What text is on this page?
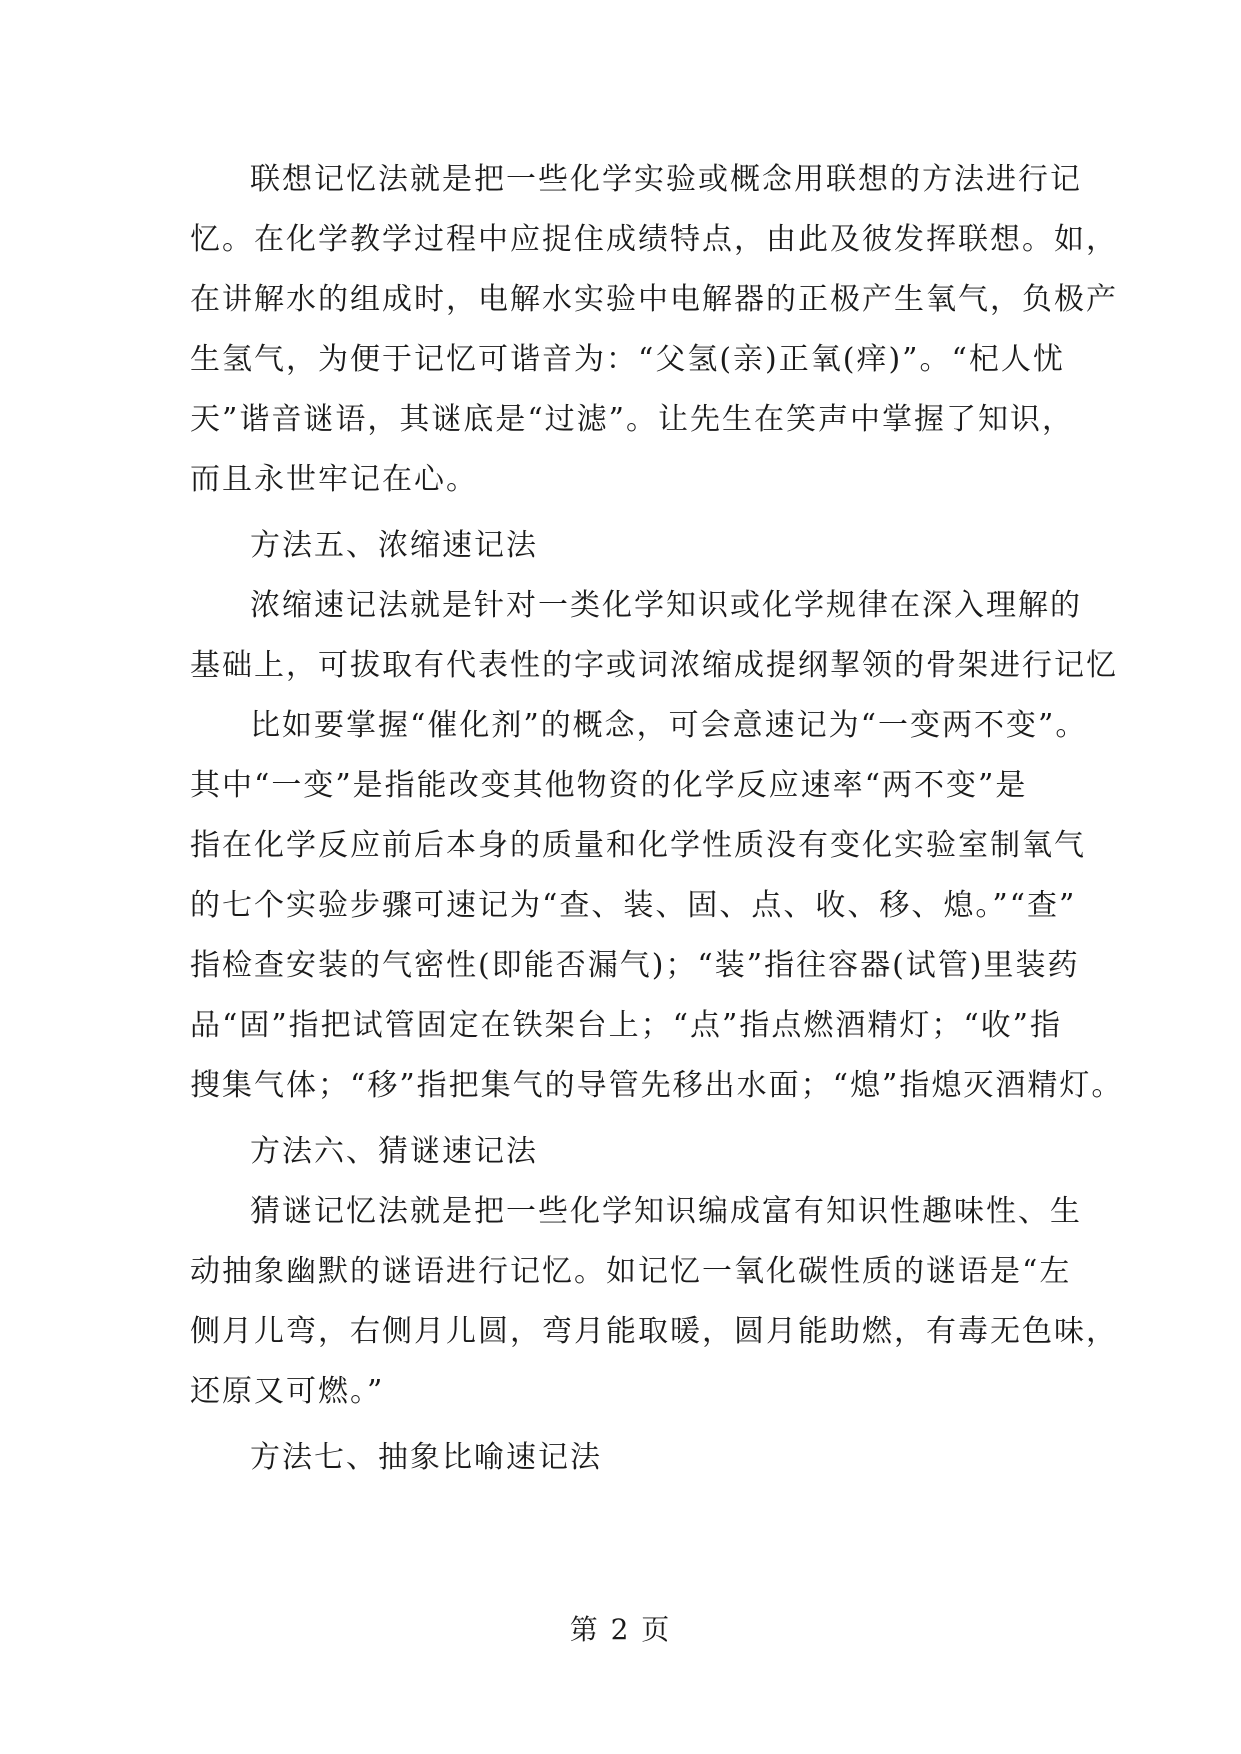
联想记忆法就是把一些化学实验或概念用联想的方法进行记
忆。在化学教学过程中应捉住成绩特点，由此及彼发挥联想。如，
在讲解水的组成时，电解水实验中电解器的正极产生氧气，负极产
生氢气，为便于记忆可谐音为：“父氢(亲)正氧(痒)”。“杞人忧
天”谐音谜语，其谜底是“过滤”。让先生在笑声中掌握了知识，
而且永世牢记在心。
方法五、浓缩速记法
浓缩速记法就是针对一类化学知识或化学规律在深入理解的
基础上，可拔取有代表性的字或词浓缩成提纲挈领的骨架进行记忆
比如要掌握“催化剂”的概念，可会意速记为“一变两不变”。
其中“一变”是指能改变其他物资的化学反应速率“两不变”是
指在化学反应前后本身的质量和化学性质没有变化实验室制氧气
的七个实验步骤可速记为“查、装、固、点、收、移、熄。”“查”
指检查安装的气密性(即能否漏气)；“装”指往容器(试管)里装药
品“固”指把试管固定在铁架台上；“点”指点燃酒精灯；“收”指
搜集气体；“移”指把集气的导管先移出水面；“熄”指熄灭酒精灯。
方法六、猜谜速记法
猜谜记忆法就是把一些化学知识编成富有知识性趣味性、生
动抽象幽默的谜语进行记忆。如记忆一氧化碳性质的谜语是“左
侧月儿弯，右侧月儿圆，弯月能取暖，圆月能助燃，有毒无色味，
还原又可燃。”
方法七、抽象比喻速记法
第 2 页
